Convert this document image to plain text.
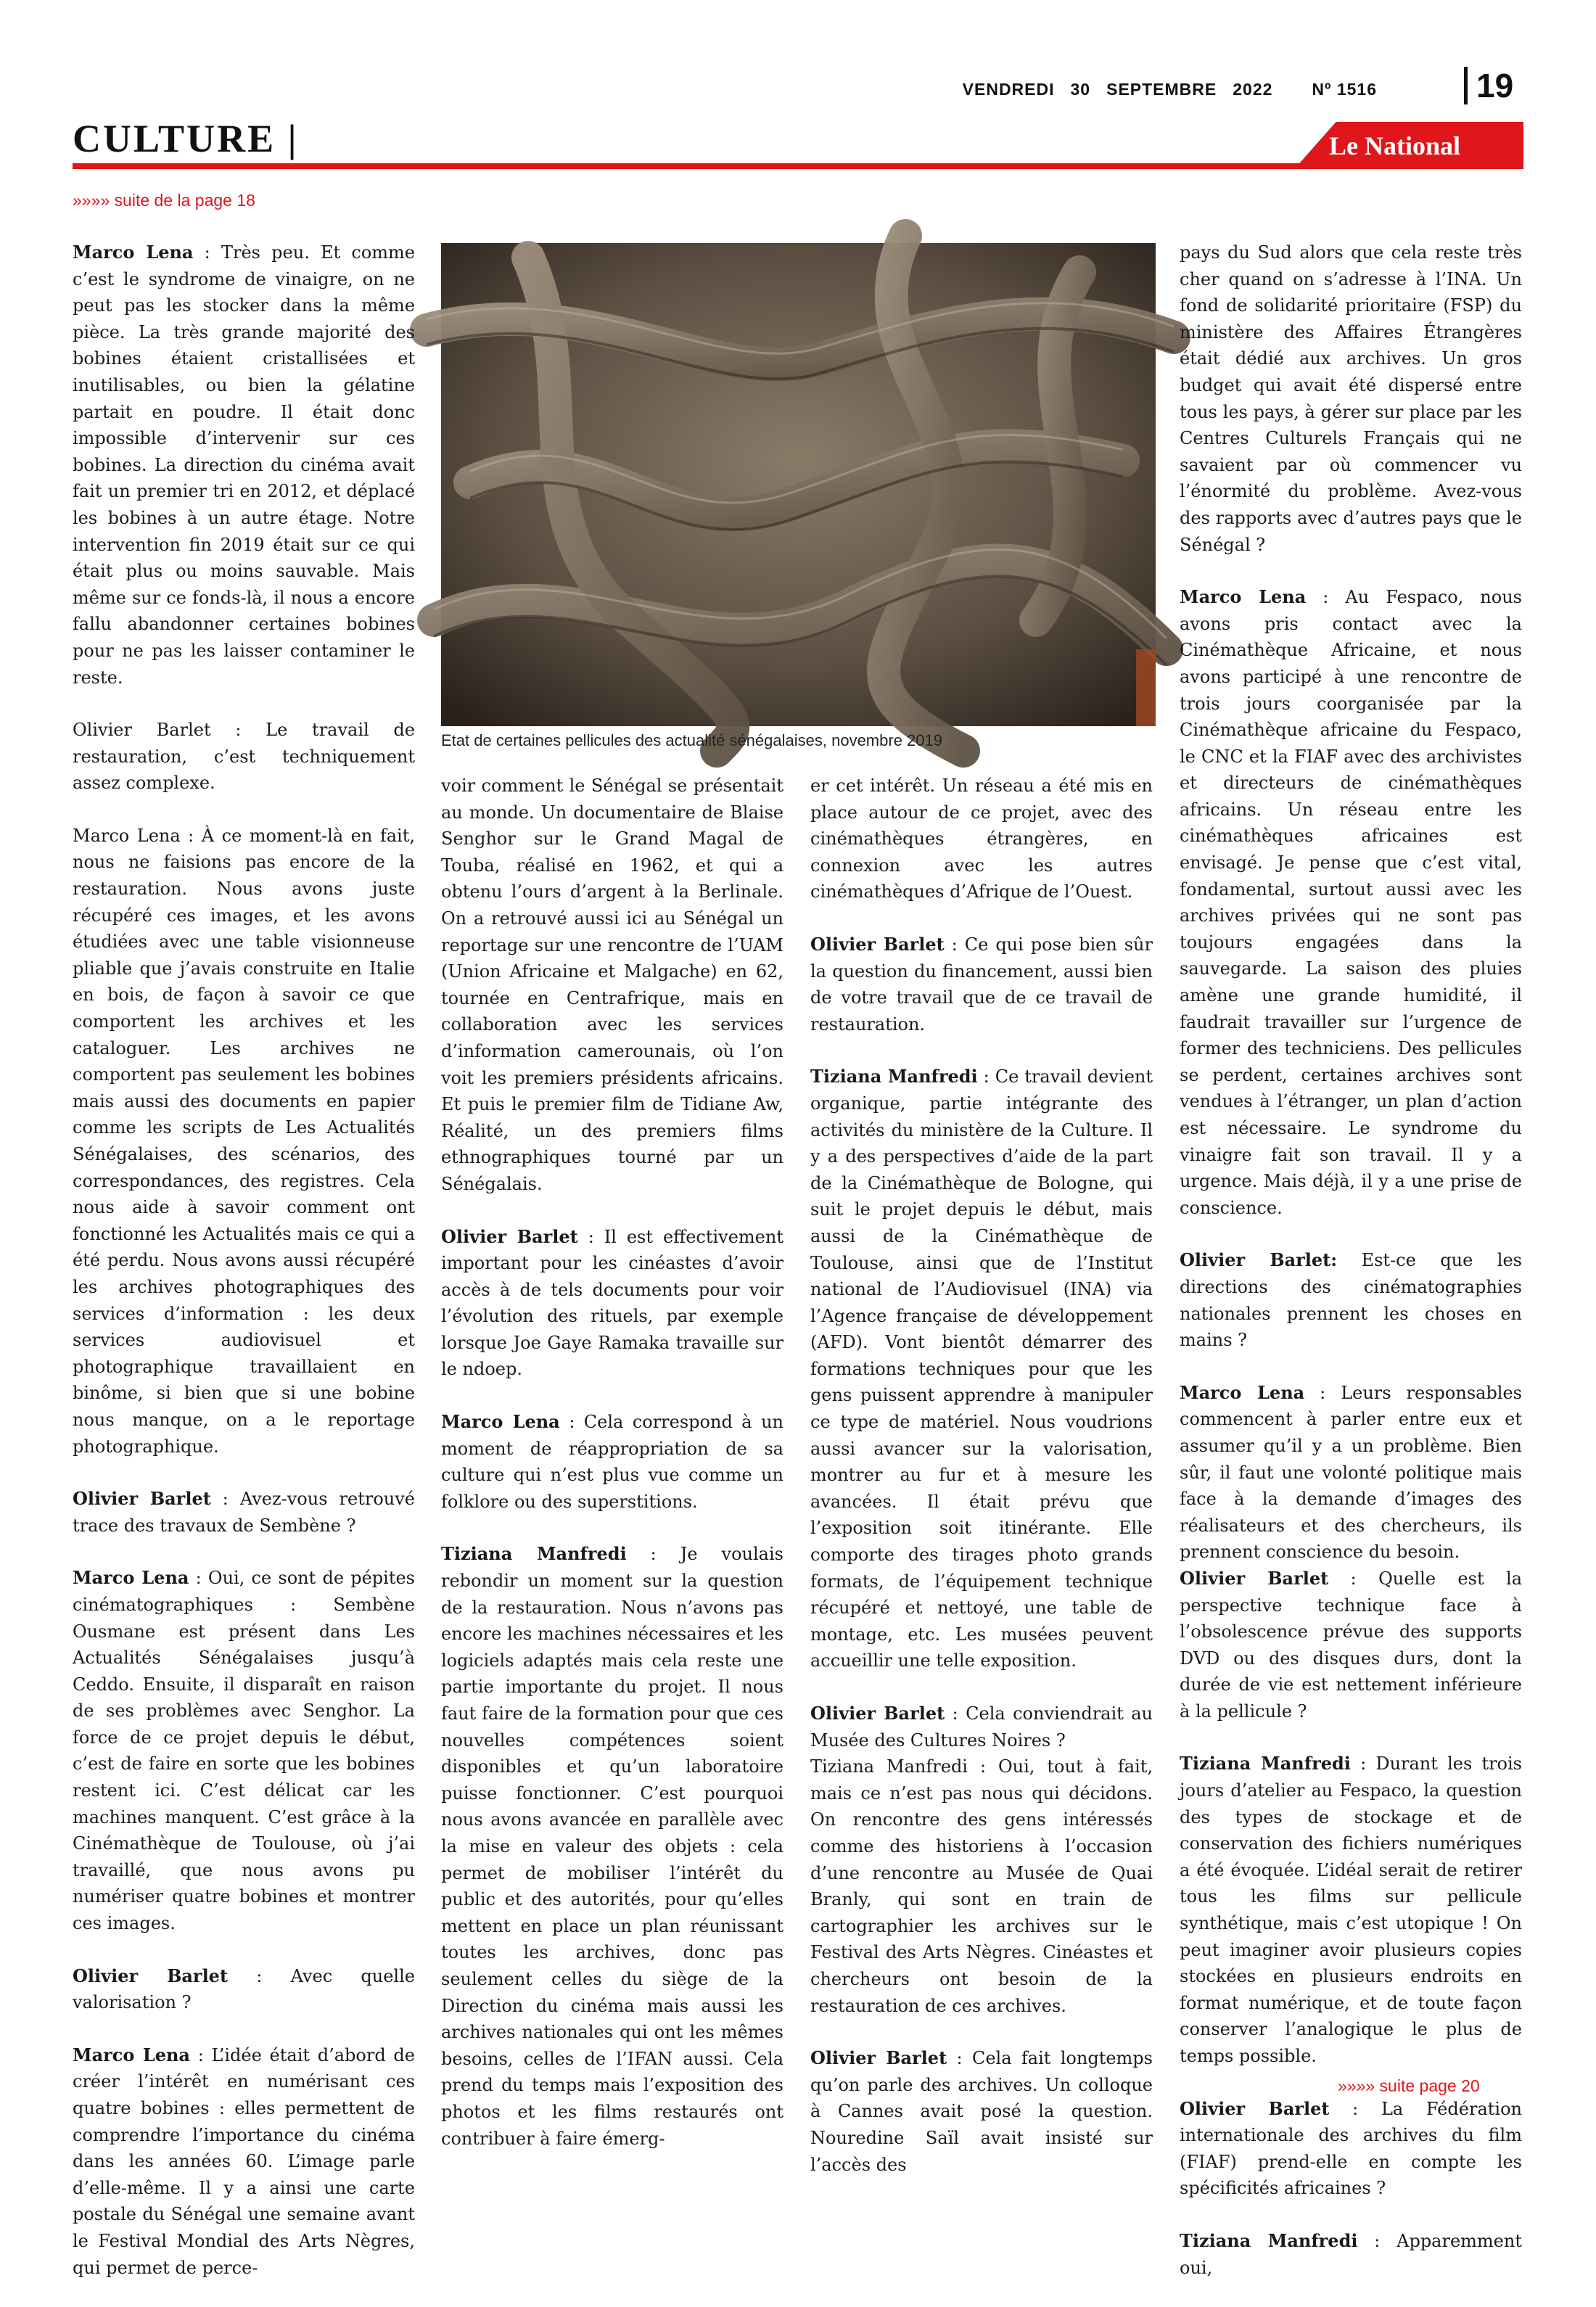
VENDREDI 30 SEPTEMBRE 2022 Nº 1516	19
CULTURE |	Le National
»»»» suite de la page 18
Etat de certaines pellicules des actualité sénégalaises, novembre 2019

Marco Lena : Très peu. Et comme c’est le syndrome de vinaigre, on ne peut pas les stocker dans la même pièce. La très grande majorité des bobines étaient cristallisées et inutilisables, ou bien la gélatine partait en poudre. Il était donc impossible d’intervenir sur ces bobines. La direction du cinéma avait fait un premier tri en 2012, et déplacé les bobines à un autre étage. Notre intervention fin 2019 était sur ce qui était plus ou moins sauvable. Mais même sur ce fonds-là, il nous a encore fallu abandonner certaines bobines pour ne pas les laisser contaminer le reste.

Olivier Barlet : Le travail de restauration, c’est techniquement assez complexe.

Marco Lena : À ce moment-là en fait, nous ne faisions pas encore de la restauration. Nous avons juste récupéré ces images, et les avons étudiées avec une table visionneuse pliable que j’avais construite en Italie en bois, de façon à savoir ce que comportent les archives et les cataloguer. Les archives ne comportent pas seulement les bobines mais aussi des documents en papier comme les scripts de Les Actualités Sénégalaises, des scénarios, des correspondances, des registres. Cela nous aide à savoir comment ont fonctionné les Actualités mais ce qui a été perdu. Nous avons aussi récupéré les archives photographiques des services d’information : les deux services audiovisuel et photographique travaillaient en binôme, si bien que si une bobine nous manque, on a le reportage photographique.

Olivier Barlet : Avez-vous retrouvé trace des travaux de Sembène ?

Marco Lena : Oui, ce sont de pépites cinématographiques : Sembène Ousmane est présent dans Les Actualités Sénégalaises jusqu’à Ceddo. Ensuite, il disparaît en raison de ses problèmes avec Senghor. La force de ce projet depuis le début, c’est de faire en sorte que les bobines restent ici. C’est délicat car les machines manquent. C’est grâce à la Cinémathèque de Toulouse, où j’ai travaillé, que nous avons pu numériser quatre bobines et montrer ces images.

Olivier Barlet : Avec quelle valorisation ?

Marco Lena : L’idée était d’abord de créer l’intérêt en numérisant ces quatre bobines : elles permettent de comprendre l’importance du cinéma dans les années 60. L’image parle d’elle-même. Il y a ainsi une carte postale du Sénégal une semaine avant le Festival Mondial des Arts Nègres, qui permet de perce-

voir comment le Sénégal se présentait au monde. Un documentaire de Blaise Senghor sur le Grand Magal de Touba, réalisé en 1962, et qui a obtenu l’ours d’argent à la Berlinale. On a retrouvé aussi ici au Sénégal un reportage sur une rencontre de l’UAM (Union Africaine et Malgache) en 62, tournée en Centrafrique, mais en collaboration avec les services d’information camerounais, où l’on voit les premiers présidents africains. Et puis le premier film de Tidiane Aw, Réalité, un des premiers films ethnographiques tourné par un Sénégalais.

Olivier Barlet : Il est effectivement important pour les cinéastes d’avoir accès à de tels documents pour voir l’évolution des rituels, par exemple lorsque Joe Gaye Ramaka travaille sur le ndoep.

Marco Lena : Cela correspond à un moment de réappropriation de sa culture qui n’est plus vue comme un folklore ou des superstitions.

Tiziana Manfredi : Je voulais rebondir un moment sur la question de la restauration. Nous n’avons pas encore les machines nécessaires et les logiciels adaptés mais cela reste une partie importante du projet. Il nous faut faire de la formation pour que ces nouvelles compétences soient disponibles et qu’un laboratoire puisse fonctionner. C’est pourquoi nous avons avancée en parallèle avec la mise en valeur des objets : cela permet de mobiliser l’intérêt du public et des autorités, pour qu’elles mettent en place un plan réunissant toutes les archives, donc pas seulement celles du siège de la Direction du cinéma mais aussi les archives nationales qui ont les mêmes besoins, celles de l’IFAN aussi. Cela prend du temps mais l’exposition des photos et les films restaurés ont contribuer à faire émerg-

er cet intérêt. Un réseau a été mis en place autour de ce projet, avec des cinémathèques étrangères, en connexion avec les autres cinémathèques d’Afrique de l’Ouest.

Olivier Barlet : Ce qui pose bien sûr la question du financement, aussi bien de votre travail que de ce travail de restauration.

Tiziana Manfredi : Ce travail devient organique, partie intégrante des activités du ministère de la Culture. Il y a des perspectives d’aide de la part de la Cinémathèque de Bologne, qui suit le projet depuis le début, mais aussi de la Cinémathèque de Toulouse, ainsi que de l’Institut national de l’Audiovisuel (INA) via l’Agence française de développement (AFD). Vont bientôt démarrer des formations techniques pour que les gens puissent apprendre à manipuler ce type de matériel. Nous voudrions aussi avancer sur la valorisation, montrer au fur et à mesure les avancées. Il était prévu que l’exposition soit itinérante. Elle comporte des tirages photo grands formats, de l’équipement technique récupéré et nettoyé, une table de montage, etc. Les musées peuvent accueillir une telle exposition.

Olivier Barlet : Cela conviendrait au Musée des Cultures Noires ?

Tiziana Manfredi : Oui, tout à fait, mais ce n’est pas nous qui décidons. On rencontre des gens intéressés comme des historiens à l’occasion d’une rencontre au Musée de Quai Branly, qui sont en train de cartographier les archives sur le Festival des Arts Nègres. Cinéastes et chercheurs ont besoin de la restauration de ces archives.

Olivier Barlet : Cela fait longtemps qu’on parle des archives. Un colloque à Cannes avait posé la question. Nouredine Saïl avait insisté sur l’accès des

pays du Sud alors que cela reste très cher quand on s’adresse à l’INA. Un fond de solidarité prioritaire (FSP) du ministère des Affaires Étrangères était dédié aux archives. Un gros budget qui avait été dispersé entre tous les pays, à gérer sur place par les Centres Culturels Français qui ne savaient par où commencer vu l’énormité du problème. Avez-vous des rapports avec d’autres pays que le Sénégal ?

Marco Lena : Au Fespaco, nous avons pris contact avec la Cinémathèque Africaine, et nous avons participé à une rencontre de trois jours coorganisée par la Cinémathèque africaine du Fespaco, le CNC et la FIAF avec des archivistes et directeurs de cinémathèques africains. Un réseau entre les cinémathèques africaines est envisagé. Je pense que c’est vital, fondamental, surtout aussi avec les archives privées qui ne sont pas toujours engagées dans la sauvegarde. La saison des pluies amène une grande humidité, il faudrait travailler sur l’urgence de former des techniciens. Des pellicules se perdent, certaines archives sont vendues à l’étranger, un plan d’action est nécessaire. Le syndrome du vinaigre fait son travail. Il y a urgence. Mais déjà, il y a une prise de conscience.

Olivier Barlet: Est-ce que les directions des cinématographies nationales prennent les choses en mains ?

Marco Lena : Leurs responsables commencent à parler entre eux et assumer qu’il y a un problème. Bien sûr, il faut une volonté politique mais face à la demande d’images des réalisateurs et des chercheurs, ils prennent conscience du besoin.

Olivier Barlet : Quelle est la perspective technique face à l’obsolescence prévue des supports DVD ou des disques durs, dont la durée de vie est nettement inférieure à la pellicule ?

Tiziana Manfredi : Durant les trois jours d’atelier au Fespaco, la question des types de stockage et de conservation des fichiers numériques a été évoquée. L’idéal serait de retirer tous les films sur pellicule synthétique, mais c’est utopique ! On peut imaginer avoir plusieurs copies stockées en plusieurs endroits en format numérique, et de toute façon conserver l’analogique le plus de temps possible.

Olivier Barlet : La Fédération internationale des archives du film (FIAF) prend-elle en compte les spécificités africaines ?

Tiziana Manfredi : Apparemment oui,

»»»» suite page 20
